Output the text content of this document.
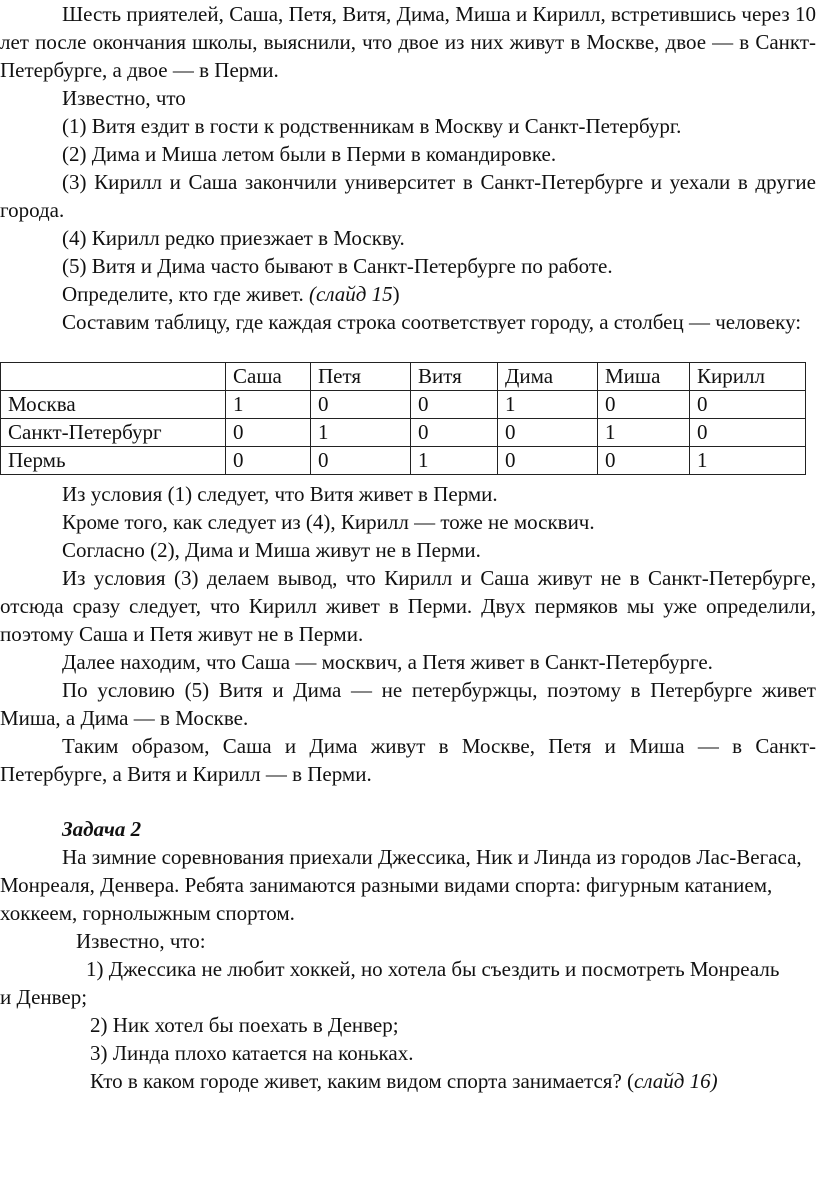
Шесть приятелей, Саша, Петя, Витя, Дима, Миша и Кирилл, встретившись через 10 лет после окончания школы, выяснили, что двое из них живут в Москве, двое — в Санкт-Петербурге, а двое — в Перми.

Известно, что

(1) Витя ездит в гости к родственникам в Москву и Санкт-Петербург.

(2) Дима и Миша летом были в Перми в командировке.

(3) Кирилл и Саша закончили университет в Санкт-Петербурге и уехали в другие города.

(4) Кирилл редко приезжает в Москву.

(5) Витя и Дима часто бывают в Санкт-Петербурге по работе.

Определите, кто где живет. (слайд 15)

Составим таблицу, где каждая строка соответствует городу, а столбец — человеку:

	Саша	Петя	Витя	Дима	Миша	Кирилл
Москва	1	0	0	1	0	0
Санкт-Петербург	0	1	0	0	1	0
Пермь	0	0	1	0	0	1

Из условия (1) следует, что Витя живет в Перми.

Кроме того, как следует из (4), Кирилл — тоже не москвич.

Согласно (2), Дима и Миша живут не в Перми.

Из условия (3) делаем вывод, что Кирилл и Саша живут не в Санкт-Петербурге, отсюда сразу следует, что Кирилл живет в Перми. Двух пермяков мы уже определили, поэтому Саша и Петя живут не в Перми.

Далее находим, что Саша — москвич, а Петя живет в Санкт-Петербурге.

По условию (5) Витя и Дима — не петербуржцы, поэтому в Петербурге живет Миша, а Дима — в Москве.

Таким образом, Саша и Дима живут в Москве, Петя и Миша — в Санкт-Петербурге, а Витя и Кирилл — в Перми.

Задача 2

На зимние соревнования приехали Джессика, Ник и Линда из городов Лас-Вегаса, Монреаля, Денвера. Ребята занимаются разными видами спорта: фигурным катанием, хоккеем, горнолыжным спортом.

Известно, что:

1) Джессика не любит хоккей, но хотела бы съездить и посмотреть Монреаль и Денвер;

2) Ник хотел бы поехать в Денвер;

3) Линда плохо катается на коньках.

Кто в каком городе живет, каким видом спорта занимается? (слайд 16)
